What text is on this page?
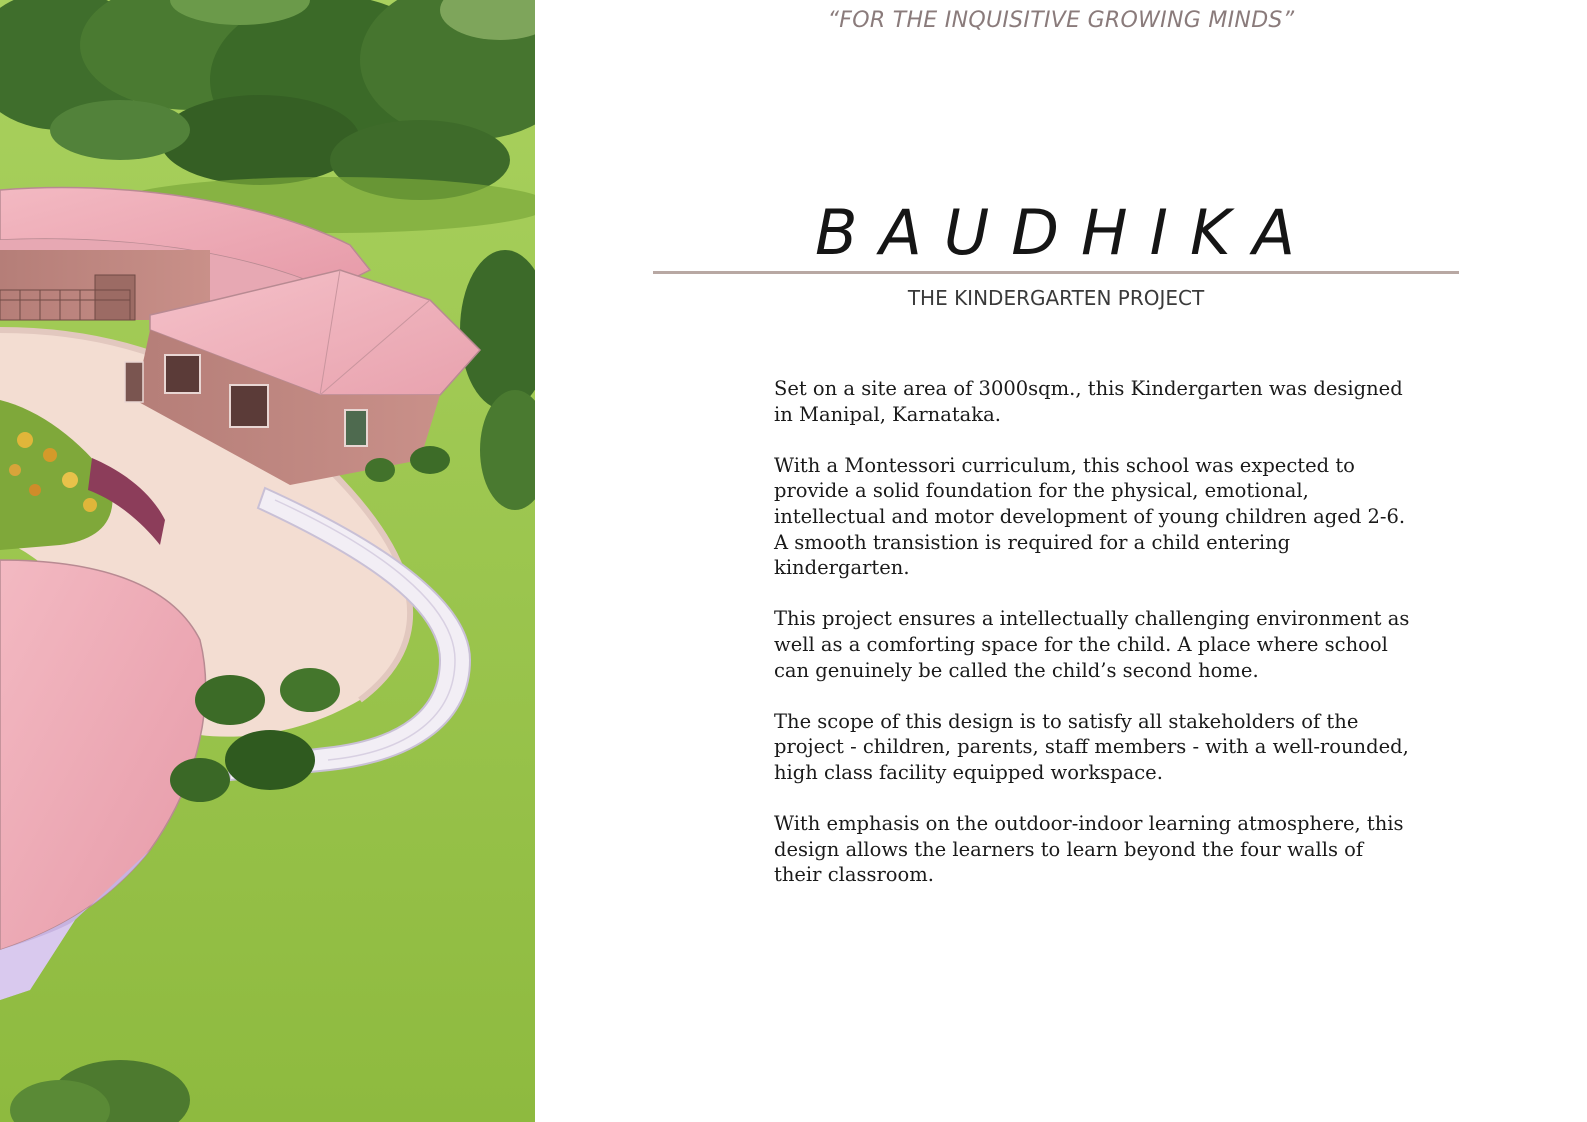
“FOR THE INQUISITIVE GROWING MINDS”
BAUDHIKA
THE KINDERGARTEN PROJECT

Set on a site area of 3000sqm., this Kindergarten was designed in Manipal, Karnataka.

With a Montessori curriculum, this school was expected to provide a solid foundation for the physical, emotional, intellectual and motor development of young children aged 2-6. A smooth transistion is required for a child entering kindergarten.

This project ensures a intellectually challenging environment as well as a comforting space for the child. A place where school can genuinely be called the child’s second home.

The scope of this design is to satisfy all stakeholders of the project - children, parents, staff members - with a well-rounded, high class facility equipped workspace.

With emphasis on the outdoor-indoor learning atmosphere, this design allows the learners to learn beyond the four walls of their classroom.
